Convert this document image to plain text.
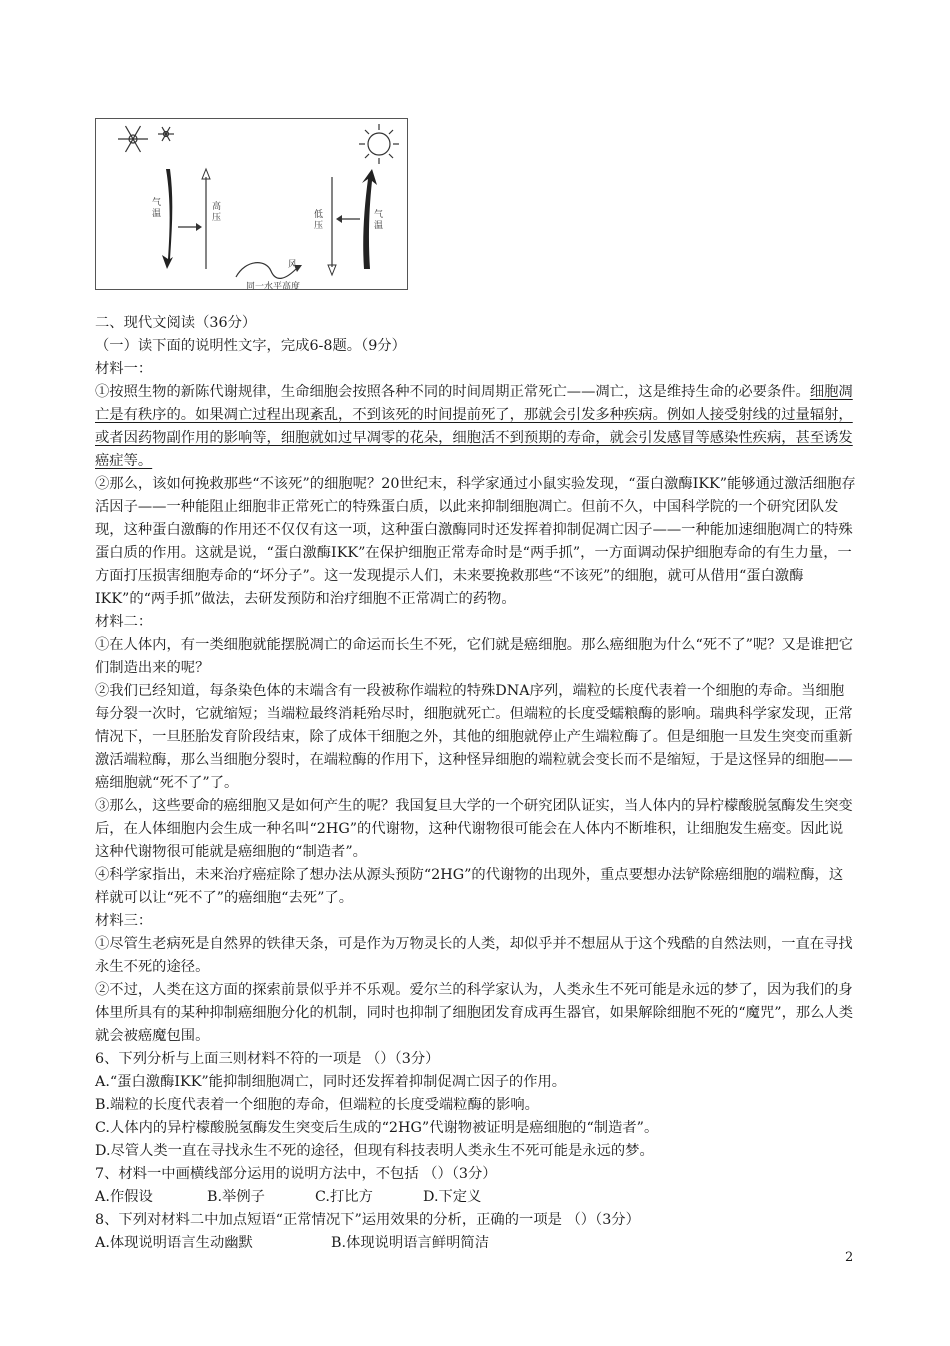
气温
高压	低压
气温
风
同一水平高度

二、现代文阅读（36分）

（一）读下面的说明性文字，完成6-8题。（9分）

材料一：

①按照生物的新陈代谢规律，生命细胞会按照各种不同的时间周期正常死亡——凋亡，这是维持生命的必要条件。细胞凋亡是有秩序的。如果凋亡过程出现紊乱，不到该死的时间提前死了，那就会引发多种疾病。例如人接受射线的过量辐射，或者因药物副作用的影响等，细胞就如过早凋零的花朵，细胞活不到预期的寿命，就会引发感冒等感染性疾病，甚至诱发癌症等。

②那么，该如何挽救那些“不该死”的细胞呢？20世纪末，科学家通过小鼠实验发现，“蛋白激酶IKK”能够通过激活细胞存活因子——一种能阻止细胞非正常死亡的特殊蛋白质，以此来抑制细胞凋亡。但前不久，中国科学院的一个研究团队发现，这种蛋白激酶的作用还不仅仅有这一项，这种蛋白激酶同时还发挥着抑制促凋亡因子——一种能加速细胞凋亡的特殊蛋白质的作用。这就是说，“蛋白激酶IKK”在保护细胞正常寿命时是“两手抓”，一方面调动保护细胞寿命的有生力量，一方面打压损害细胞寿命的“坏分子”。这一发现提示人们，未来要挽救那些“不该死”的细胞，就可从借用“蛋白激酶IKK”的“两手抓”做法，去研发预防和治疗细胞不正常凋亡的药物。

材料二：

①在人体内，有一类细胞就能摆脱凋亡的命运而长生不死，它们就是癌细胞。那么癌细胞为什么“死不了”呢？又是谁把它们制造出来的呢？

②我们已经知道，每条染色体的末端含有一段被称作端粒的特殊DNA序列，端粒的长度代表着一个细胞的寿命。当细胞每分裂一次时，它就缩短；当端粒最终消耗殆尽时，细胞就死亡。但端粒的长度受蠕粮酶的影响。瑞典科学家发现，正常情况下，一旦胚胎发育阶段结束，除了成体干细胞之外，其他的细胞就停止产生端粒酶了。但是细胞一旦发生突变而重新激活端粒酶，那么当细胞分裂时，在端粒酶的作用下，这种怪异细胞的端粒就会变长而不是缩短，于是这怪异的细胞——癌细胞就“死不了”了。

③那么，这些要命的癌细胞又是如何产生的呢？我国复旦大学的一个研究团队证实，当人体内的异柠檬酸脱氢酶发生突变后，在人体细胞内会生成一种名叫“2HG”的代谢物，这种代谢物很可能会在人体内不断堆积，让细胞发生癌变。因此说这种代谢物很可能就是癌细胞的“制造者”。

④科学家指出，未来治疗癌症除了想办法从源头预防“2HG”的代谢物的出现外，重点要想办法铲除癌细胞的端粒酶，这样就可以让“死不了”的癌细胞“去死”了。

材料三：

①尽管生老病死是自然界的铁律天条，可是作为万物灵长的人类，却似乎并不想屈从于这个残酷的自然法则，一直在寻找永生不死的途径。

②不过，人类在这方面的探索前景似乎并不乐观。爱尔兰的科学家认为，人类永生不死可能是永远的梦了，因为我们的身体里所具有的某种抑制癌细胞分化的机制，同时也抑制了细胞团发育成再生器官，如果解除细胞不死的“魔咒”，那么人类就会被癌魔包围。

6、下列分析与上面三则材料不符的一项是 （）（3分）

A.“蛋白激酶IKK”能抑制细胞凋亡，同时还发挥着抑制促凋亡因子的作用。

B.端粒的长度代表着一个细胞的寿命，但端粒的长度受端粒酶的影响。

C.人体内的异柠檬酸脱氢酶发生突变后生成的“2HG”代谢物被证明是癌细胞的“制造者”。

D.尽管人类一直在寻找永生不死的途径，但现有科技表明人类永生不死可能是永远的梦。

7、材料一中画横线部分运用的说明方法中，不包括 （）（3分）

A.作假设	B.举例子	C.打比方	D.下定义

8、下列对材料二中加点短语“正常情况下”运用效果的分析，正确的一项是 （）（3分）

A.体现说明语言生动幽默	B.体现说明语言鲜明简洁

2
